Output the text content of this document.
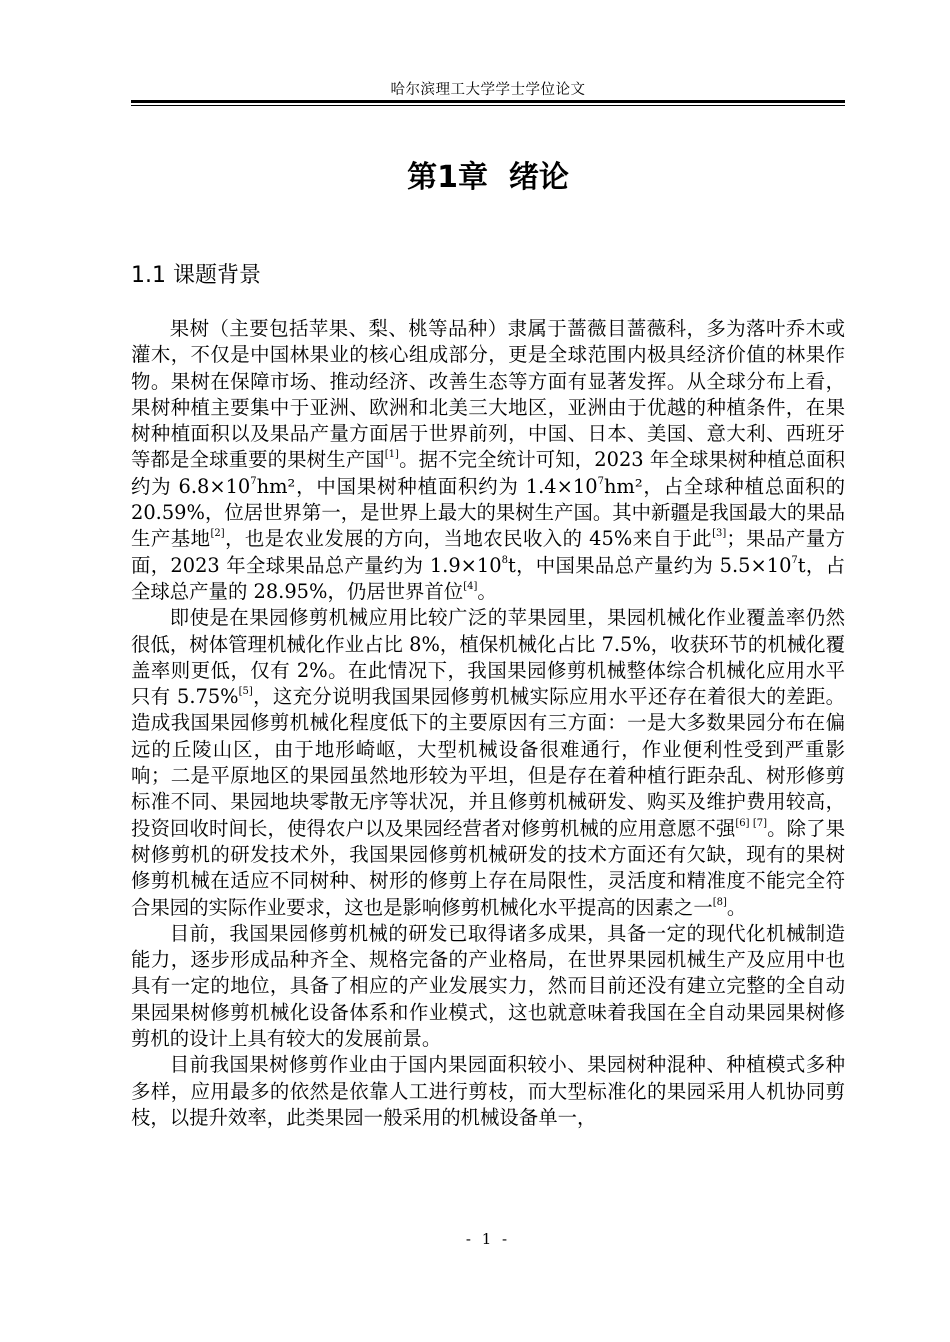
哈尔滨理工大学学士学位论文
第1章  绪论
1.1 课题背景

果树（主要包括苹果、梨、桃等品种）隶属于蔷薇目蔷薇科，多为落叶乔木或灌木，不仅是中国林果业的核心组成部分，更是全球范围内极具经济价值的林果作物。果树在保障市场、推动经济、改善生态等方面有显著发挥。从全球分布上看，果树种植主要集中于亚洲、欧洲和北美三大地区，亚洲由于优越的种植条件，在果树种植面积以及果品产量方面居于世界前列，中国、日本、美国、意大利、西班牙等都是全球重要的果树生产国[1]。据不完全统计可知，2023 年全球果树种植总面积约为 $6.8\times 10^7hm^2$，中国果树种植面积约为 $1.4\times 10^7hm^2$，占全球种植总面积的 20.59%，位居世界第一，是世界上最大的果树生产国。其中新疆是我国最大的果品生产基地[2]，也是农业发展的方向，当地农民收入的 45%来自于此[3]；果品产量方面，2023 年全球果品总产量约为 $1.9\times 10^8t$，中国果品总产量约为 $5.5\times 10^7t$，占全球总产量的 28.95%，仍居世界首位[4]。

即使是在果园修剪机械应用比较广泛的苹果园里，果园机械化作业覆盖率仍然很低，树体管理机械化作业占比 8%，植保机械化占比 7.5%，收获环节的机械化覆盖率则更低，仅有 2%。在此情况下，我国果园修剪机械整体综合机械化应用水平只有 5.75%[5]，这充分说明我国果园修剪机械实际应用水平还存在着很大的差距。造成我国果园修剪机械化程度低下的主要原因有三方面：一是大多数果园分布在偏远的丘陵山区，由于地形崎岖，大型机械设备很难通行，作业便利性受到严重影响；二是平原地区的果园虽然地形较为平坦，但是存在着种植行距杂乱、树形修剪标准不同、果园地块零散无序等状况，并且修剪机械研发、购买及维护费用较高，投资回收时间长，使得农户以及果园经营者对修剪机械的应用意愿不强[6] [7]。除了果树修剪机的研发技术外，我国果园修剪机械研发的技术方面还有欠缺，现有的果树修剪机械在适应不同树种、树形的修剪上存在局限性，灵活度和精准度不能完全符合果园的实际作业要求，这也是影响修剪机械化水平提高的因素之一[8]。

目前，我国果园修剪机械的研发已取得诸多成果，具备一定的现代化机械制造能力，逐步形成品种齐全、规格完备的产业格局，在世界果园机械生产及应用中也具有一定的地位，具备了相应的产业发展实力，然而目前还没有建立完整的全自动果园果树修剪机械化设备体系和作业模式，这也就意味着我国在全自动果园果树修剪机的设计上具有较大的发展前景。

目前我国果树修剪作业由于国内果园面积较小、果园树种混种、种植模式多种多样，应用最多的依然是依靠人工进行剪枝，而大型标准化的果园采用人机协同剪枝，以提升效率，此类果园一般采用的机械设备单一，

- 1 -
